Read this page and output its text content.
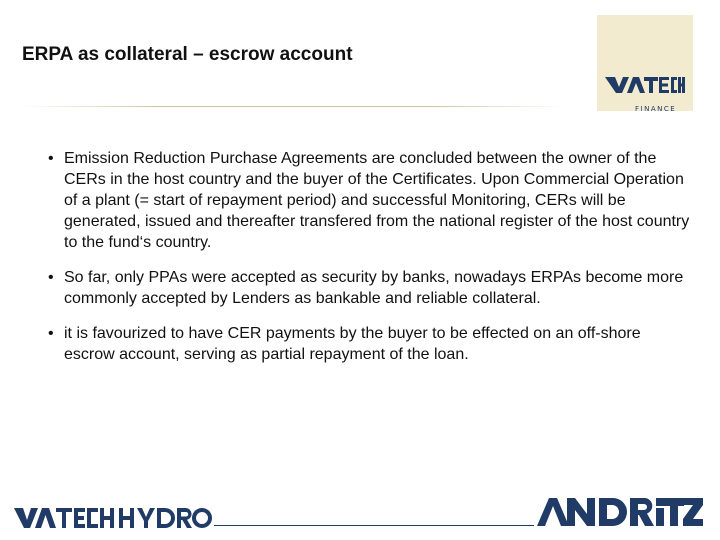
ERPA as collateral – escrow account
FINANCE
• Emission Reduction Purchase Agreements are concluded between the owner of the CERs in the host country and the buyer of the Certificates. Upon Commercial Operation of a plant (= start of repayment period) and successful Monitoring, CERs will be generated, issued and thereafter transfered from the national register of the host country to the fund‘s country.
• So far, only PPAs were accepted as security by banks, nowadays ERPAs become more commonly accepted by Lenders as bankable and reliable collateral.
• it is favourized to have CER payments by the buyer to be effected on an off-shore escrow account, serving as partial repayment of the loan.
